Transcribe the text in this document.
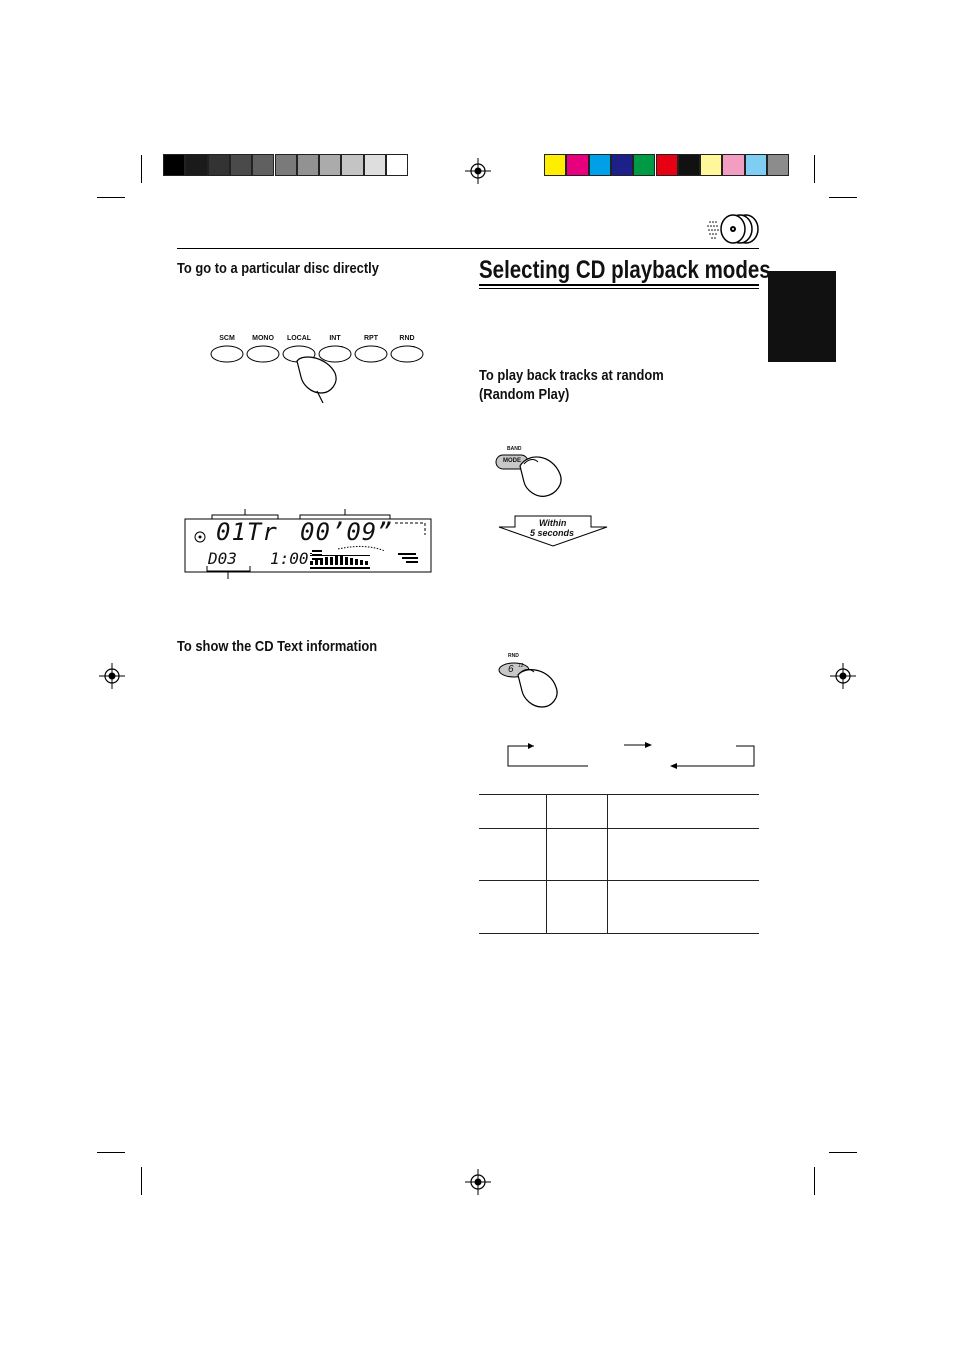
To go to a particular disc directly	Selecting CD playback modes
SCM	MONO	LOCAL	INT	RPT	RND
01Tr 00’09”
D03 1:00
To play back tracks at random
(Random Play)
BAND
MODE
Within
5 seconds
RND
6 12
To show the CD Text information
